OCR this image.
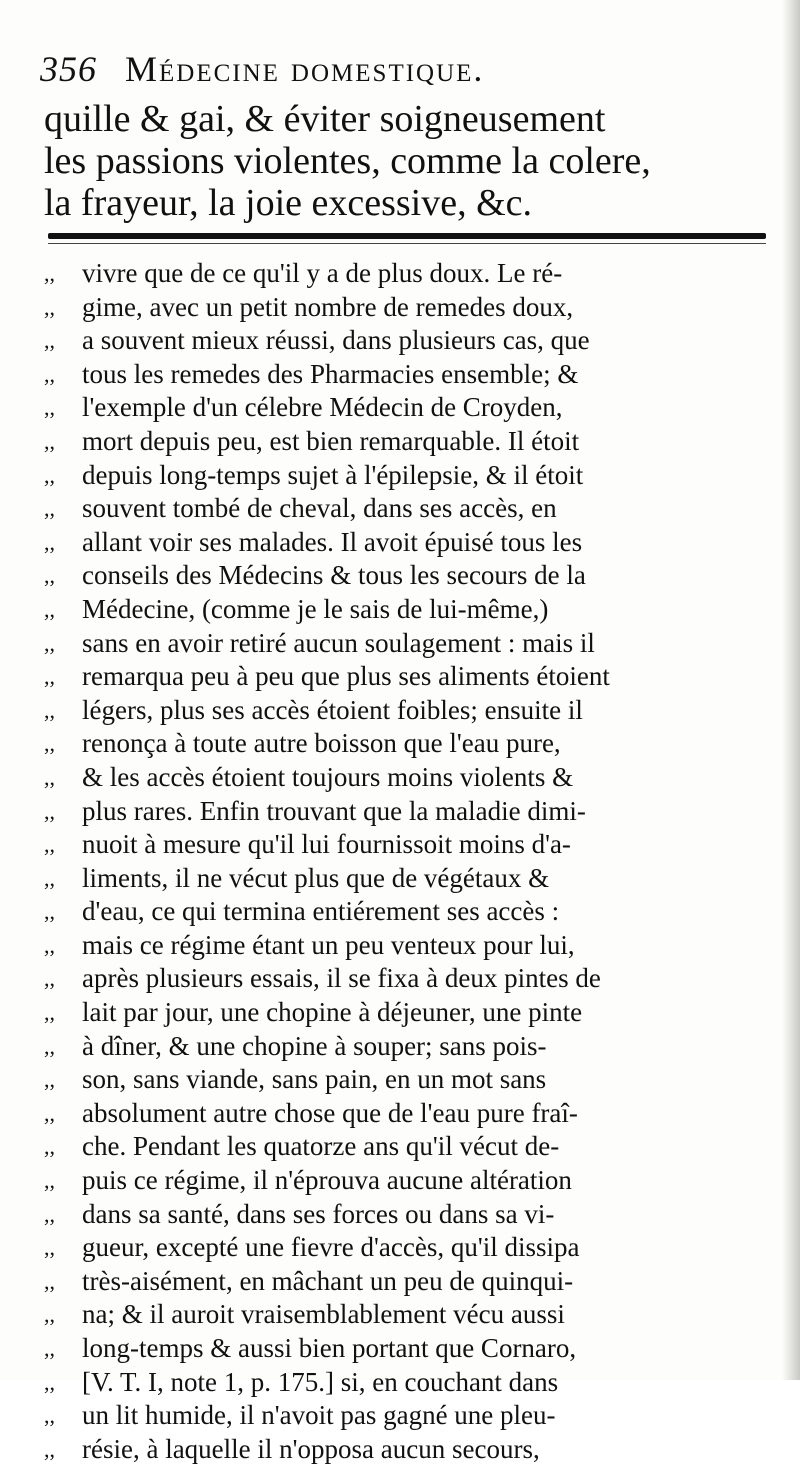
356 Médecine domestique.
quille & gai, & éviter soigneusement
les passions violentes, comme la colere,
la frayeur, la joie excessive, &c.
,,	vivre que de ce qu'il y a de plus doux. Le ré-
,,	gime, avec un petit nombre de remedes doux,
,,	a souvent mieux réussi, dans plusieurs cas, que
,,	tous les remedes des Pharmacies ensemble; &
,,	l'exemple d'un célebre Médecin de Croyden,
,,	mort depuis peu, est bien remarquable. Il étoit
,,	depuis long-temps sujet à l'épilepsie, & il étoit
,,	souvent tombé de cheval, dans ses accès, en
,,	allant voir ses malades. Il avoit épuisé tous les
,,	conseils des Médecins & tous les secours de la
,,	Médecine, (comme je le sais de lui-même,)
,,	sans en avoir retiré aucun soulagement : mais il
,,	remarqua peu à peu que plus ses aliments étoient
,,	légers, plus ses accès étoient foibles; ensuite il
,,	renonça à toute autre boisson que l'eau pure,
,,	& les accès étoient toujours moins violents &
,,	plus rares. Enfin trouvant que la maladie dimi-
,,	nuoit à mesure qu'il lui fournissoit moins d'a-
,,	liments, il ne vécut plus que de végétaux &
,,	d'eau, ce qui termina entiérement ses accès :
,,	mais ce régime étant un peu venteux pour lui,
,,	après plusieurs essais, il se fixa à deux pintes de
,,	lait par jour, une chopine à déjeuner, une pinte
,,	à dîner, & une chopine à souper; sans pois-
,,	son, sans viande, sans pain, en un mot sans
,,	absolument autre chose que de l'eau pure fraî-
,,	che. Pendant les quatorze ans qu'il vécut de-
,,	puis ce régime, il n'éprouva aucune altération
,,	dans sa santé, dans ses forces ou dans sa vi-
,,	gueur, excepté une fievre d'accès, qu'il dissipa
,,	très-aisément, en mâchant un peu de quinqui-
,,	na; & il auroit vraisemblablement vécu aussi
,,	long-temps & aussi bien portant que Cornaro,
,,	[V. T. I, note 1, p. 175.] si, en couchant dans
,,	un lit humide, il n'avoit pas gagné une pleu-
,,	résie, à laquelle il n'opposa aucun secours,
